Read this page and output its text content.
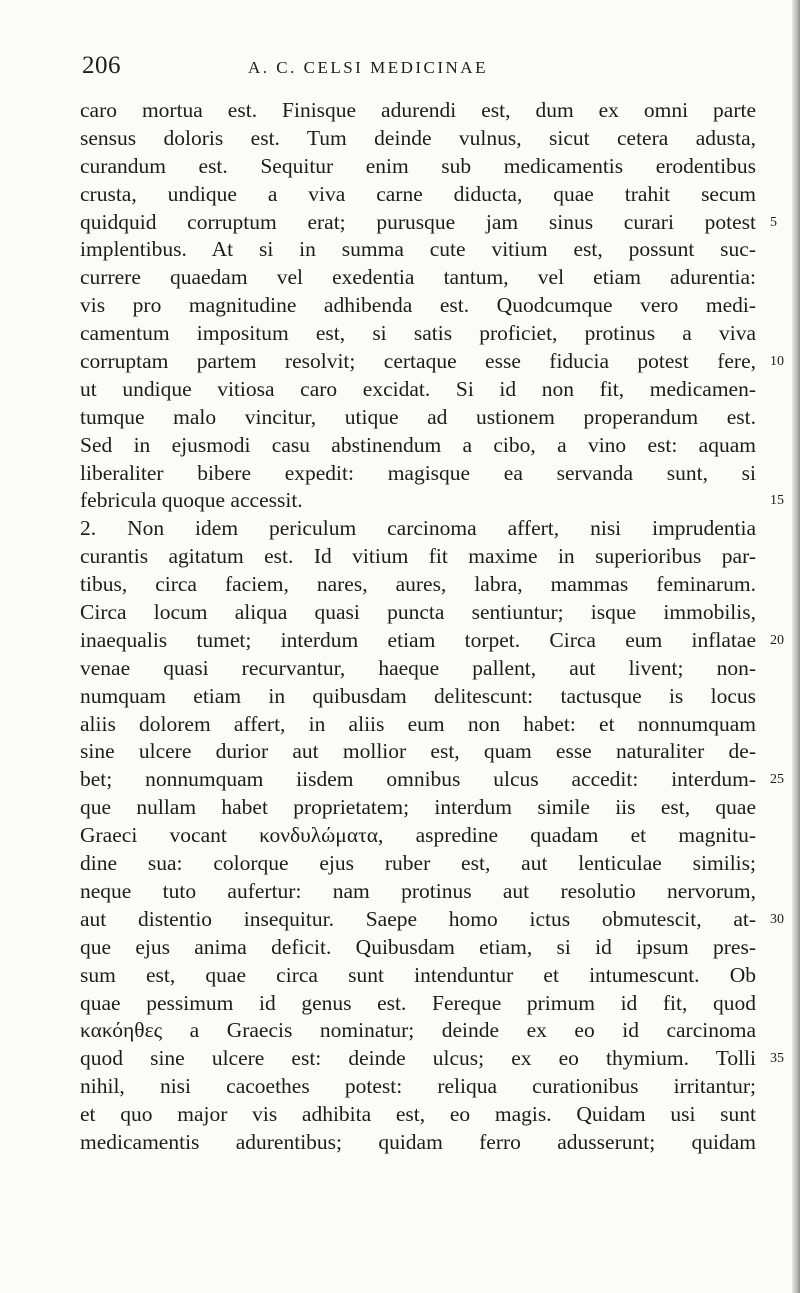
206	A. C. CELSI MEDICINAE
caro mortua est. Finisque adurendi est, dum ex omni parte
sensus doloris est. Tum deinde vulnus, sicut cetera adusta,
curandum est. Sequitur enim sub medicamentis erodentibus
crusta, undique a viva carne diducta, quae trahit secum
quidquid corruptum erat; purusque jam sinus curari potest 5
implentibus. At si in summa cute vitium est, possunt suc-
currere quaedam vel exedentia tantum, vel etiam adurentia:
vis pro magnitudine adhibenda est. Quodcumque vero medi-
camentum impositum est, si satis proficiet, protinus a viva
corruptam partem resolvit; certaque esse fiducia potest fere, 10
ut undique vitiosa caro excidat. Si id non fit, medicamen-
tumque malo vincitur, utique ad ustionem properandum est.
Sed in ejusmodi casu abstinendum a cibo, a vino est: aquam
liberaliter bibere expedit: magisque ea servanda sunt, si
febricula quoque accessit.	15
2. Non idem periculum carcinoma affert, nisi imprudentia
curantis agitatum est. Id vitium fit maxime in superioribus par-
tibus, circa faciem, nares, aures, labra, mammas feminarum.
Circa locum aliqua quasi puncta sentiuntur; isque immobilis,
inaequalis tumet; interdum etiam torpet. Circa eum inflatae 20
venae quasi recurvantur, haeque pallent, aut livent; non-
numquam etiam in quibusdam delitescunt: tactusque is locus
aliis dolorem affert, in aliis eum non habet: et nonnumquam
sine ulcere durior aut mollior est, quam esse naturaliter de-
bet; nonnumquam iisdem omnibus ulcus accedit: interdum- 25
que nullam habet proprietatem; interdum simile iis est, quae
Graeci vocant κονδυλώματα, aspredine quadam et magnitu-
dine sua: colorque ejus ruber est, aut lenticulae similis;
neque tuto aufertur: nam protinus aut resolutio nervorum,
aut distentio insequitur. Saepe homo ictus obmutescit, at- 30
que ejus anima deficit. Quibusdam etiam, si id ipsum pres-
sum est, quae circa sunt intenduntur et intumescunt. Ob
quae pessimum id genus est. Fereque primum id fit, quod
κακόηθες a Graecis nominatur; deinde ex eo id carcinoma
quod sine ulcere est: deinde ulcus; ex eo thymium. Tolli 35
nihil, nisi cacoethes potest: reliqua curationibus irritantur;
et quo major vis adhibita est, eo magis. Quidam usi sunt
medicamentis adurentibus; quidam ferro adusserunt; quidam
